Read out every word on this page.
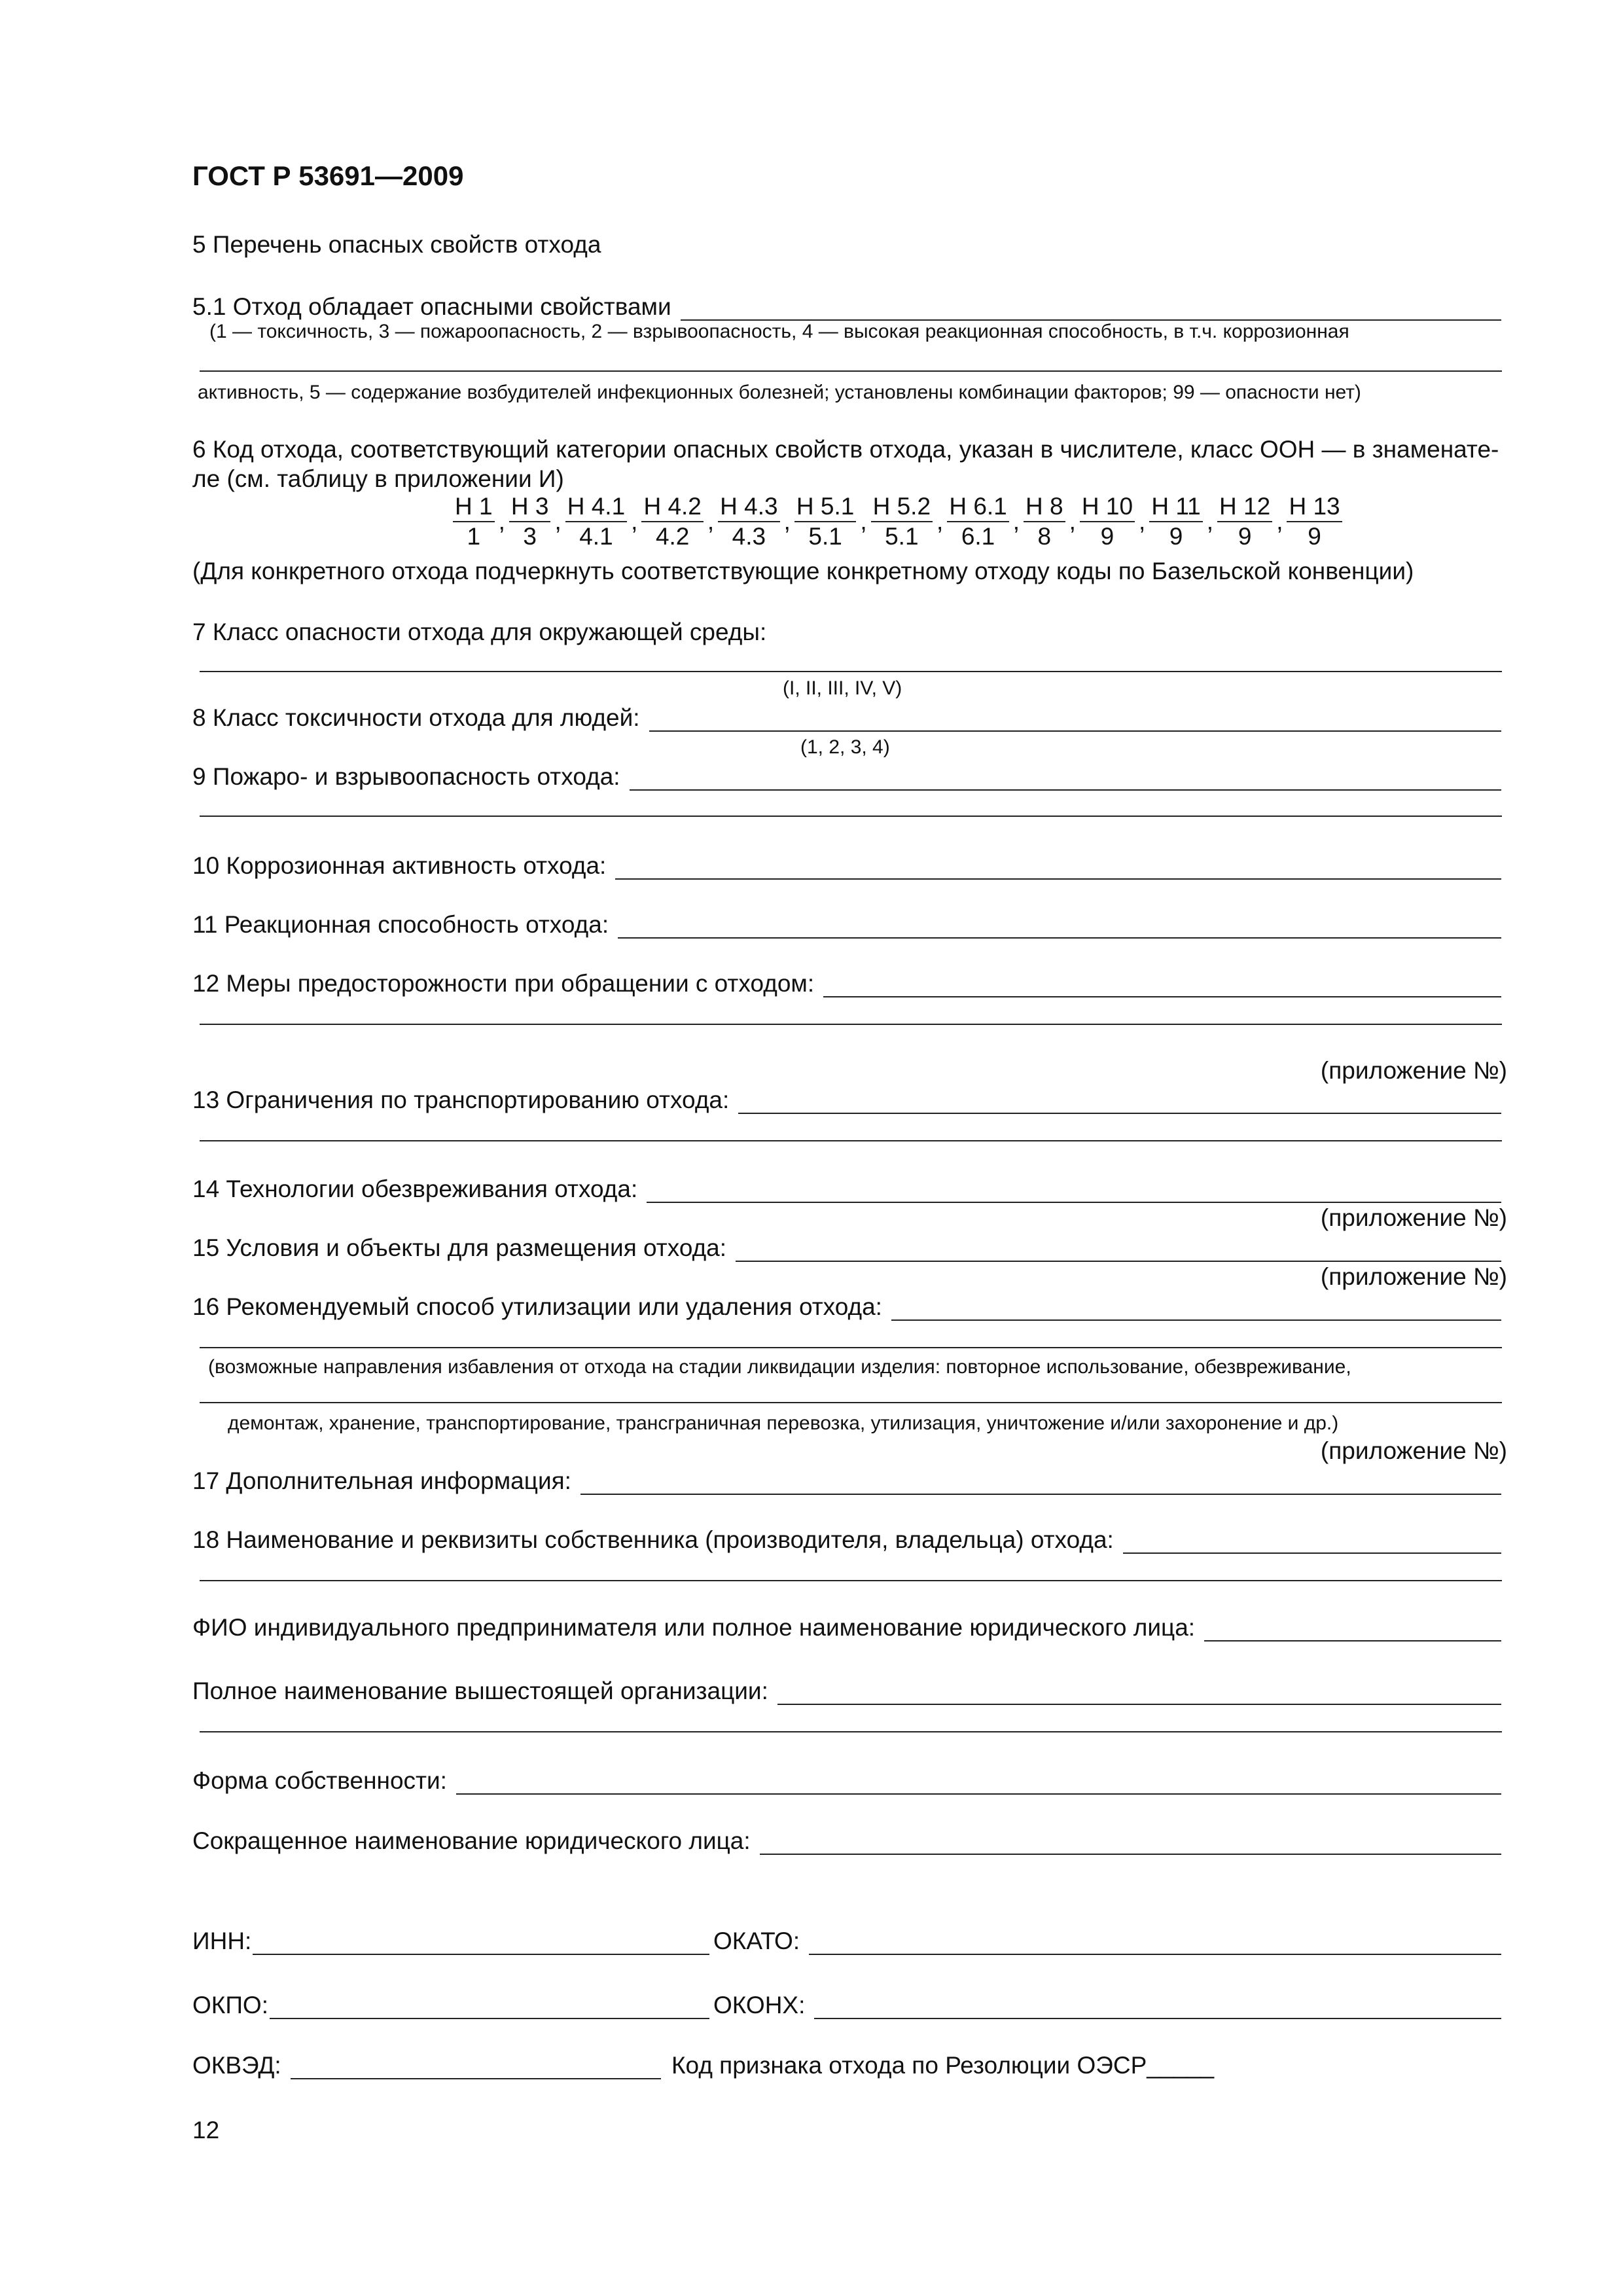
ГОСТ Р 53691—2009
5 Перечень опасных свойств отхода
5.1 Отход обладает опасными свойствами
(1 — токсичность, 3 — пожароопасность, 2 — взрывоопасность, 4 — высокая реакционная способность, в т.ч. коррозионная
активность, 5 — содержание возбудителей инфекционных болезней; установлены комбинации факторов; 99 — опасности нет)
6 Код отхода, соответствующий категории опасных свойств отхода, указан в числителе, класс ООН — в знаменате-
ле (см. таблицу в приложении И)
$\frac{H 1}{1}$ , $\frac{H 3}{3}$ , $\frac{H 4.1}{4.1}$ , $\frac{H 4.2}{4.2}$ , $\frac{H 4.3}{4.3}$ , $\frac{H 5.1}{5.1}$ , $\frac{H 5.2}{5.1}$ , $\frac{H 6.1}{6.1}$ , $\frac{H 8}{8}$ , $\frac{H 10}{9}$ , $\frac{H 11}{9}$ , $\frac{H 12}{9}$ , $\frac{H 13}{9}$
(Для конкретного отхода подчеркнуть соответствующие конкретному отходу коды по Базельской конвенции)
7 Класс опасности отхода для окружающей среды:
(I, II, III, IV, V)
8 Класс токсичности отхода для людей:
(1, 2, 3, 4)
9 Пожаро- и взрывоопасность отхода:
10 Коррозионная активность отхода:
11 Реакционная способность отхода:
12 Меры предосторожности при обращении с отходом:
(приложение №)
13 Ограничения по транспортированию отхода:
14 Технологии обезвреживания отхода:
(приложение №)
15 Условия и объекты для размещения отхода:
(приложение №)
16 Рекомендуемый способ утилизации или удаления отхода:
(возможные направления избавления от отхода на стадии ликвидации изделия: повторное использование, обезвреживание,
демонтаж, хранение, транспортирование, трансграничная перевозка, утилизация, уничтожение и/или захоронение и др.)
(приложение №)
17 Дополнительная информация:
18 Наименование и реквизиты собственника (производителя, владельца) отхода:
ФИО индивидуального предпринимателя или полное наименование юридического лица:
Полное наименование вышестоящей организации:
Форма собственности:
Сокращенное наименование юридического лица:
ИНН:	ОКАТО:
ОКПО:	ОКОНХ:
ОКВЭД:	Код признака отхода по Резолюции ОЭСР_____
12
